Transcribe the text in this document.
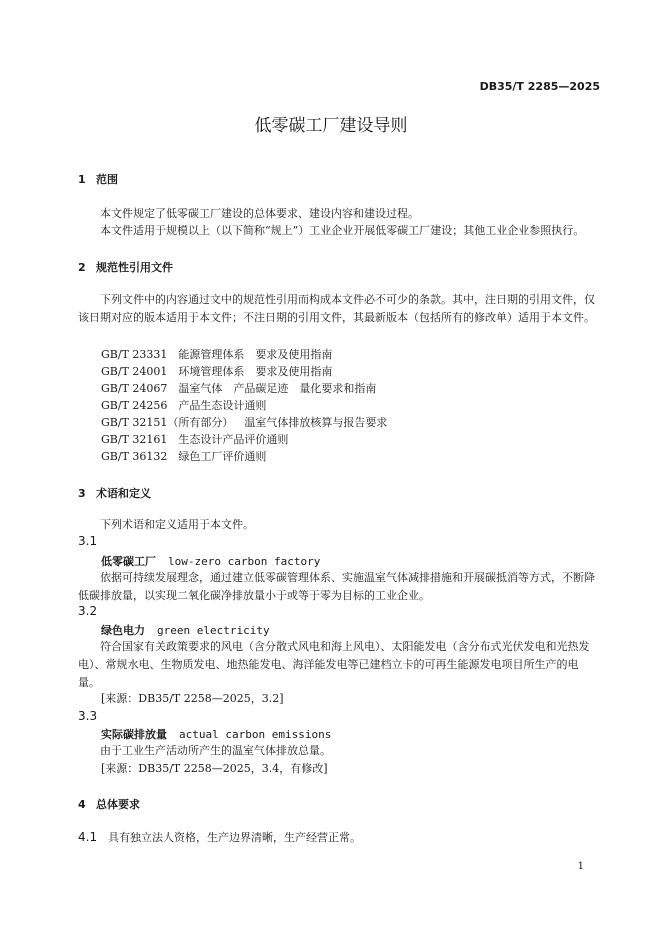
DB35/T 2285—2025
低零碳工厂建设导则
1 范围
本文件规定了低零碳工厂建设的总体要求、建设内容和建设过程。
本文件适用于规模以上（以下简称“规上”）工业企业开展低零碳工厂建设；其他工业企业参照执行。
2 规范性引用文件
下列文件中的内容通过文中的规范性引用而构成本文件必不可少的条款。其中，注日期的引用文件，仅该日期对应的版本适用于本文件；不注日期的引用文件，其最新版本（包括所有的修改单）适用于本文件。
GB/T 23331　 能源管理体系　要求及使用指南
GB/T 24001　 环境管理体系　要求及使用指南
GB/T 24067　 温室气体　产品碳足迹　量化要求和指南
GB/T 24256　 产品生态设计通则
GB/T 32151（所有部分）　 温室气体排放核算与报告要求
GB/T 32161　 生态设计产品评价通则
GB/T 36132　 绿色工厂评价通则
3 术语和定义
下列术语和定义适用于本文件。
3.1
低零碳工厂 low-zero carbon factory
依据可持续发展理念，通过建立低零碳管理体系、实施温室气体减排措施和开展碳抵消等方式，不断降低碳排放量，以实现二氧化碳净排放量小于或等于零为目标的工业企业。
3.2
绿色电力 green electricity
符合国家有关政策要求的风电（含分散式风电和海上风电）、太阳能发电（含分布式光伏发电和光热发电）、常规水电、生物质发电、地热能发电、海洋能发电等已建档立卡的可再生能源发电项目所生产的电量。
[来源：DB35/T 2258—2025，3.2]
3.3
实际碳排放量 actual carbon emissions
由于工业生产活动所产生的温室气体排放总量。
[来源：DB35/T 2258—2025，3.4，有修改]
4 总体要求
4.1 具有独立法人资格，生产边界清晰，生产经营正常。
1
